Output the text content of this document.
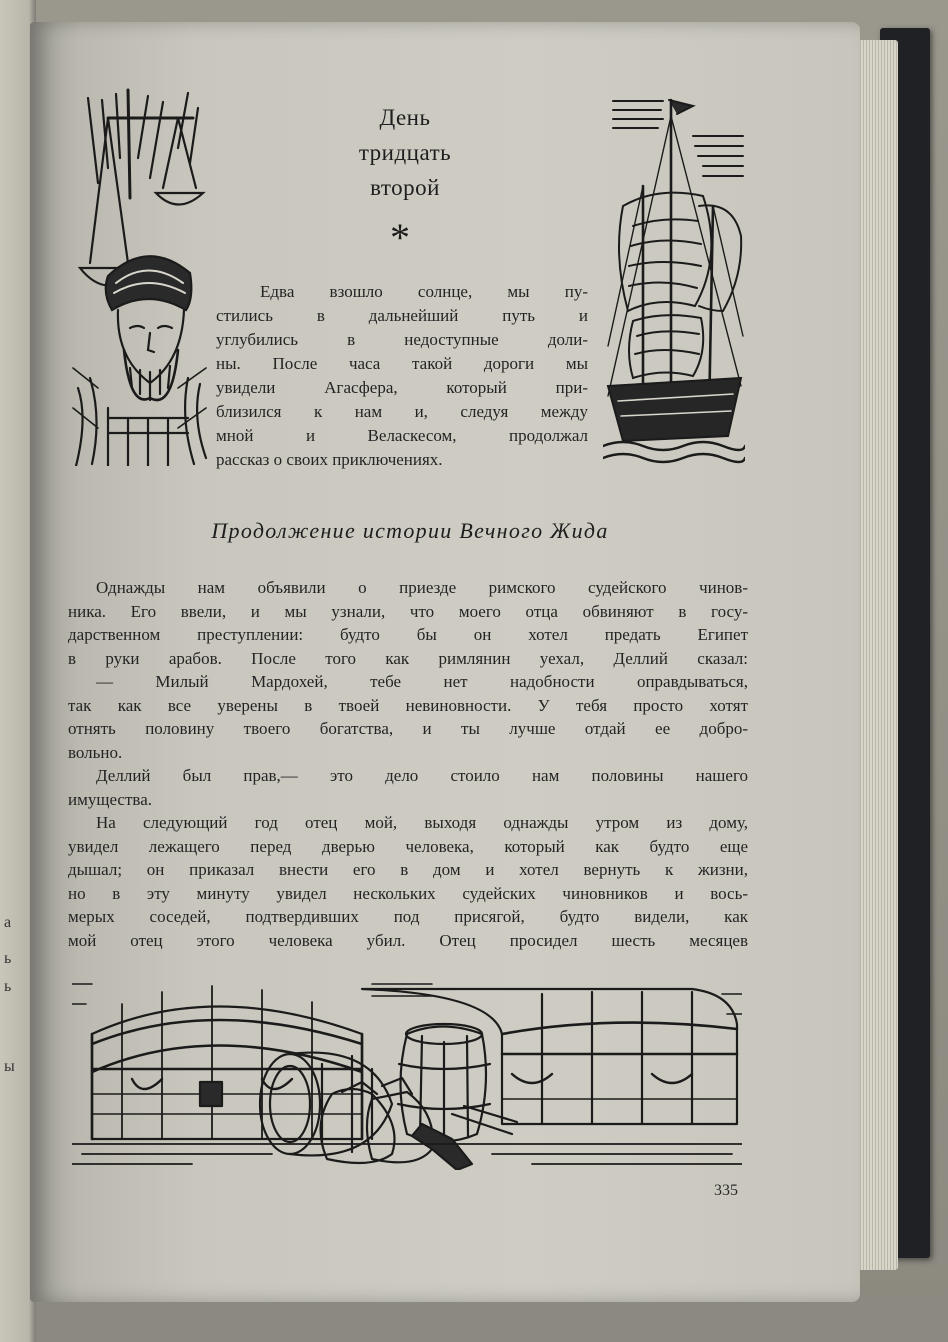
а
ь
ь
ы
День
тридцать
второй
*
Едва взошло солнце, мы пу-
стились в дальнейший путь и
углубились в недоступные доли-
ны. После часа такой дороги мы
увидели Агасфера, который при-
близился к нам и, следуя между
мной и Веласкесом, продолжал
рассказ о своих приключениях.
Продолжение истории Вечного Жида
Однажды нам объявили о приезде римского судейского чинов-
ника. Его ввели, и мы узнали, что моего отца обвиняют в госу-
дарственном преступлении: будто бы он хотел предать Египет
в руки арабов. После того как римлянин уехал, Деллий сказал:
— Милый Мардохей, тебе нет надобности оправдываться,
так как все уверены в твоей невиновности. У тебя просто хотят
отнять половину твоего богатства, и ты лучше отдай ее добро-
вольно.
Деллий был прав,— это дело стоило нам половины нашего
имущества.
На следующий год отец мой, выходя однажды утром из дому,
увидел лежащего перед дверью человека, который как будто еще
дышал; он приказал внести его в дом и хотел вернуть к жизни,
но в эту минуту увидел нескольких судейских чиновников и вось-
мерых соседей, подтвердивших под присягой, будто видели, как
мой отец этого человека убил. Отец просидел шесть месяцев
335
